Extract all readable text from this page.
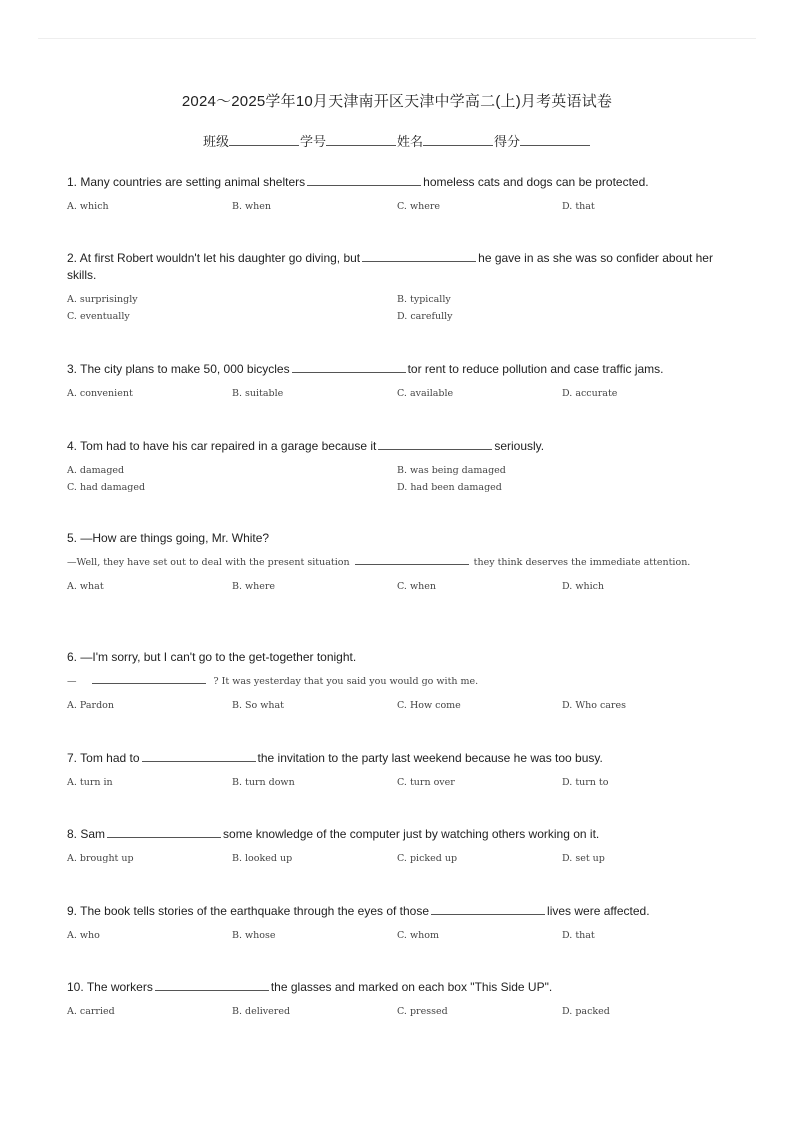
2024～2025学年10月天津南开区天津中学高二(上)月考英语试卷
班级	学号	姓名	得分
1. Many countries are setting animal shelters	homeless cats and dogs can be protected.
A. which	B. when	C. where	D. that
2. At first Robert wouldn't let his daughter go diving, but	he gave in as she was so confider about her skills.
A. surprisingly	B. typically
C. eventually	D. carefully
3. The city plans to make 50, 000 bicycles	tor rent to reduce pollution and case traffic jams.
A. convenient	B. suitable	C. available	D. accurate
4. Tom had to have his car repaired in a garage because it	seriously.
A. damaged	B. was being damaged
C. had damaged	D. had been damaged
5. —How are things going, Mr. White?
—Well, they have set out to deal with the present situation	they think deserves the immediate attention.
A. what	B. where	C. when	D. which
6. —I'm sorry, but I can't go to the get-together tonight.
—	? It was yesterday that you said you would go with me.
A. Pardon	B. So what	C. How come	D. Who cares
7. Tom had to	the invitation to the party last weekend because he was too busy.
A. turn in	B. turn down	C. turn over	D. turn to
8. Sam	some knowledge of the computer just by watching others working on it.
A. brought up	B. looked up	C. picked up	D. set up
9. The book tells stories of the earthquake through the eyes of those	lives were affected.
A. who	B. whose	C. whom	D. that
10. The workers	the glasses and marked on each box "This Side UP".
A. carried	B. delivered	C. pressed	D. packed
